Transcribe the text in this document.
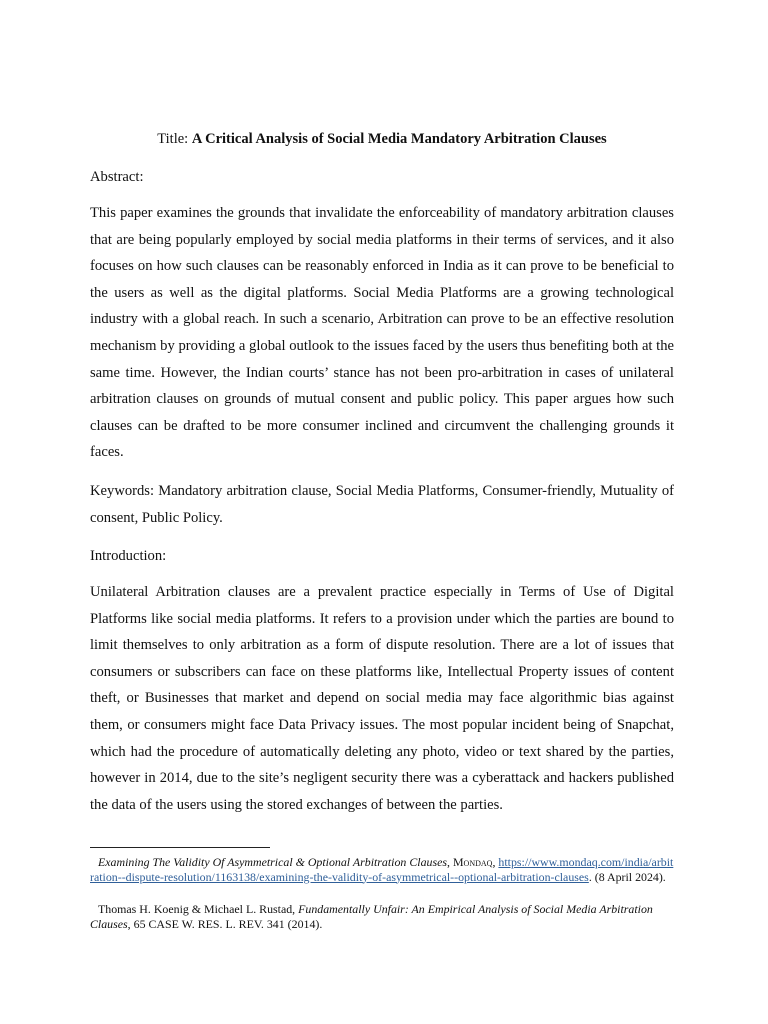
Title: A Critical Analysis of Social Media Mandatory Arbitration Clauses

Abstract:

This paper examines the grounds that invalidate the enforceability of mandatory arbitration clauses that are being popularly employed by social media platforms in their terms of services, and it also focuses on how such clauses can be reasonably enforced in India as it can prove to be beneficial to the users as well as the digital platforms. Social Media Platforms are a growing technological industry with a global reach. In such a scenario, Arbitration can prove to be an effective resolution mechanism by providing a global outlook to the issues faced by the users thus benefiting both at the same time. However, the Indian courts’ stance has not been pro-arbitration in cases of unilateral arbitration clauses on grounds of mutual consent and public policy. This paper argues how such clauses can be drafted to be more consumer inclined and circumvent the challenging grounds it faces.

Keywords: Mandatory arbitration clause, Social Media Platforms, Consumer-friendly, Mutuality of consent, Public Policy.

Introduction:

Unilateral Arbitration clauses are a prevalent practice especially in Terms of Use of Digital Platforms like social media platforms. It refers to a provision under which the parties are bound to limit themselves to only arbitration as a form of dispute resolution. There are a lot of issues that consumers or subscribers can face on these platforms like, Intellectual Property issues of content theft, or Businesses that market and depend on social media may face algorithmic bias against them, or consumers might face Data Privacy issues. The most popular incident being of Snapchat, which had the procedure of automatically deleting any photo, video or text shared by the parties, however in 2014, due to the site’s negligent security there was a cyberattack and hackers published the data of the users using the stored exchanges of between the parties.

Examining The Validity Of Asymmetrical & Optional Arbitration Clauses, Mondaq, https://www.mondaq.com/india/arbitration--dispute-resolution/1163138/examining-the-validity-of-asymmetrical--optional-arbitration-clauses. (8 April 2024).

Thomas H. Koenig & Michael L. Rustad, Fundamentally Unfair: An Empirical Analysis of Social Media Arbitration Clauses, 65 CASE W. RES. L. REV. 341 (2014).
